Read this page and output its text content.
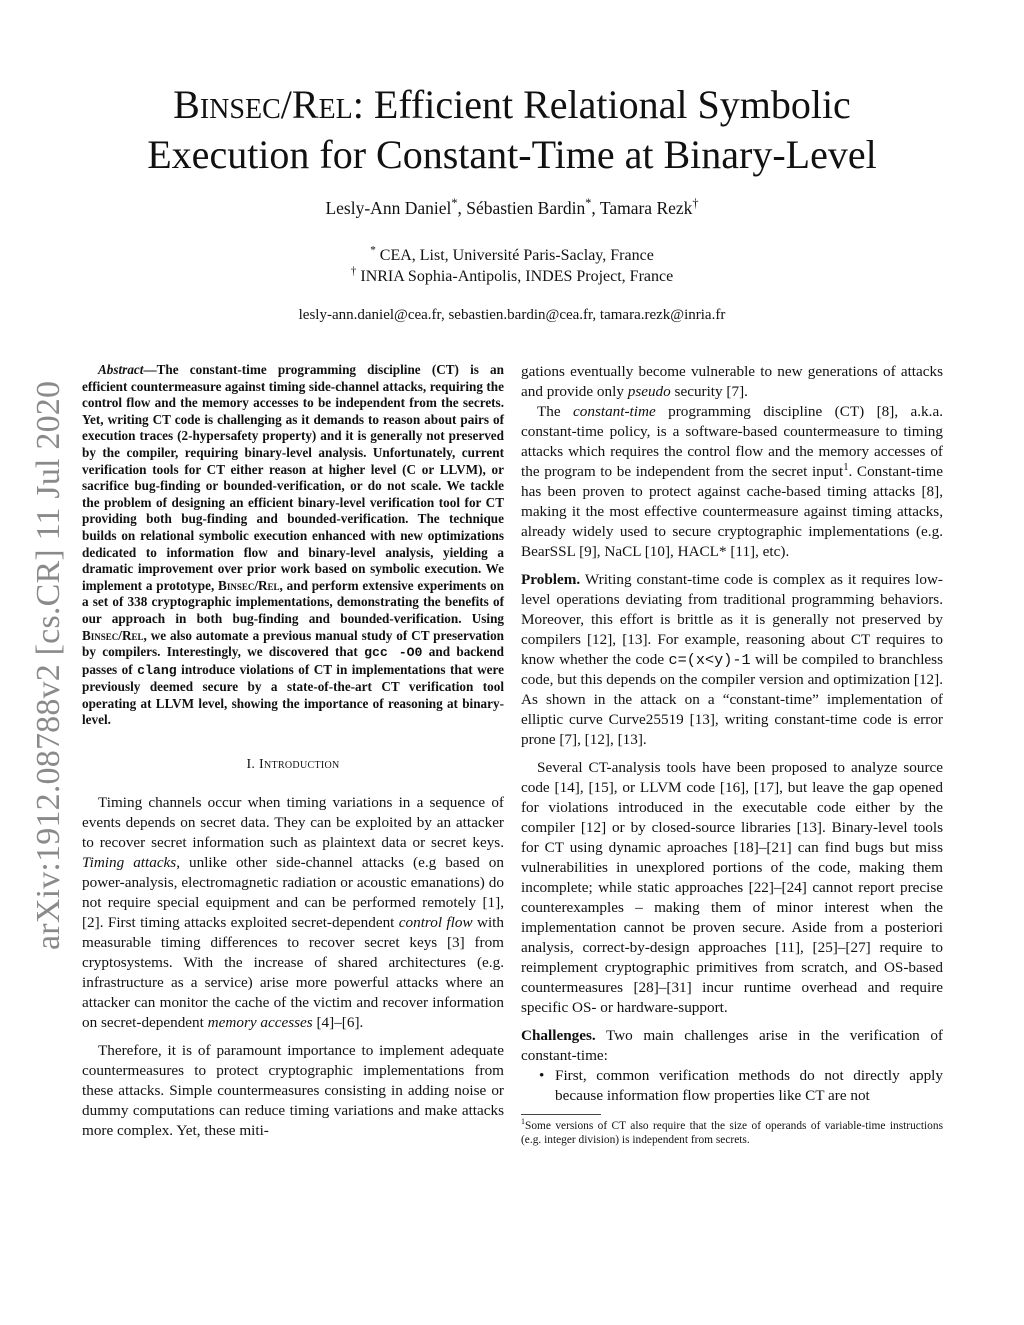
arXiv:1912.08788v2 [cs.CR] 11 Jul 2020
Binsec/Rel: Efficient Relational Symbolic
Execution for Constant-Time at Binary-Level
Lesly-Ann Daniel*, Sébastien Bardin*, Tamara Rezk†
* CEA, List, Université Paris-Saclay, France
† INRIA Sophia-Antipolis, INDES Project, France
lesly-ann.daniel@cea.fr, sebastien.bardin@cea.fr, tamara.rezk@inria.fr

Abstract—The constant-time programming discipline (CT) is an efficient countermeasure against timing side-channel attacks, requiring the control flow and the memory accesses to be independent from the secrets. Yet, writing CT code is challenging as it demands to reason about pairs of execution traces (2-hypersafety property) and it is generally not preserved by the compiler, requiring binary-level analysis. Unfortunately, current verification tools for CT either reason at higher level (C or LLVM), or sacrifice bug-finding or bounded-verification, or do not scale. We tackle the problem of designing an efficient binary-level verification tool for CT providing both bug-finding and bounded-verification. The technique builds on relational symbolic execution enhanced with new optimizations dedicated to information flow and binary-level analysis, yielding a dramatic improvement over prior work based on symbolic execution. We implement a prototype, Binsec/Rel, and perform extensive experiments on a set of 338 cryptographic implementations, demonstrating the benefits of our approach in both bug-finding and bounded-verification. Using Binsec/Rel, we also automate a previous manual study of CT preservation by compilers. Interestingly, we discovered that gcc -O0 and backend passes of clang introduce violations of CT in implementations that were previously deemed secure by a state-of-the-art CT verification tool operating at LLVM level, showing the importance of reasoning at binary-level.

I. Introduction

Timing channels occur when timing variations in a sequence of events depends on secret data. They can be exploited by an attacker to recover secret information such as plaintext data or secret keys. Timing attacks, unlike other side-channel attacks (e.g based on power-analysis, electromagnetic radiation or acoustic emanations) do not require special equipment and can be performed remotely [1], [2]. First timing attacks exploited secret-dependent control flow with measurable timing differences to recover secret keys [3] from cryptosystems. With the increase of shared architectures (e.g. infrastructure as a service) arise more powerful attacks where an attacker can monitor the cache of the victim and recover information on secret-dependent memory accesses [4]–[6].

Therefore, it is of paramount importance to implement adequate countermeasures to protect cryptographic implementations from these attacks. Simple countermeasures consisting in adding noise or dummy computations can reduce timing variations and make attacks more complex. Yet, these miti-

gations eventually become vulnerable to new generations of attacks and provide only pseudo security [7].

The constant-time programming discipline (CT) [8], a.k.a. constant-time policy, is a software-based countermeasure to timing attacks which requires the control flow and the memory accesses of the program to be independent from the secret input$^1$. Constant-time has been proven to protect against cache-based timing attacks [8], making it the most effective countermeasure against timing attacks, already widely used to secure cryptographic implementations (e.g. BearSSL [9], NaCL [10], HACL* [11], etc).

Problem. Writing constant-time code is complex as it requires low-level operations deviating from traditional programming behaviors. Moreover, this effort is brittle as it is generally not preserved by compilers [12], [13]. For example, reasoning about CT requires to know whether the code c=(x<y)-1 will be compiled to branchless code, but this depends on the compiler version and optimization [12]. As shown in the attack on a “constant-time” implementation of elliptic curve Curve25519 [13], writing constant-time code is error prone [7], [12], [13].

Several CT-analysis tools have been proposed to analyze source code [14], [15], or LLVM code [16], [17], but leave the gap opened for violations introduced in the executable code either by the compiler [12] or by closed-source libraries [13]. Binary-level tools for CT using dynamic aproaches [18]–[21] can find bugs but miss vulnerabilities in unexplored portions of the code, making them incomplete; while static approaches [22]–[24] cannot report precise counterexamples – making them of minor interest when the implementation cannot be proven secure. Aside from a posteriori analysis, correct-by-design approaches [11], [25]–[27] require to reimplement cryptographic primitives from scratch, and OS-based countermeasures [28]–[31] incur runtime overhead and require specific OS- or hardware-support.

Challenges. Two main challenges arise in the verification of constant-time:

• First, common verification methods do not directly apply because information flow properties like CT are not
$^1$Some versions of CT also require that the size of operands of variable-time instructions (e.g. integer division) is independent from secrets.
